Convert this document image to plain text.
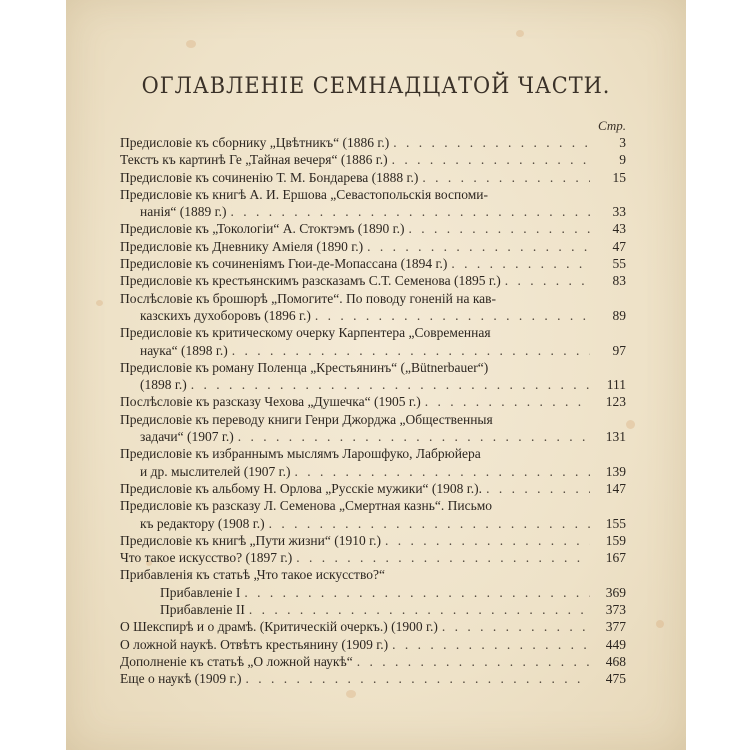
ОГЛАВЛЕНІЕ СЕМНАДЦАТОЙ ЧАСТИ.
Стр.
Предисловіе къ сборнику „Цвѣтникъ“ (1886 г.) . . .	3
Текстъ къ картинѣ Ге „Тайная вечеря“ (1886 г.) . . .	9
Предисловіе къ сочиненію Т. М. Бондарева (1888 г.) . . .	15
Предисловіе къ книгѣ А. И. Ершова „Севастопольскія воспоми-
нанія“ (1889 г.) . . .	33
Предисловіе къ „Токологіи“ А. Стоктэмъ (1890 г.) . . .	43
Предисловіе къ Дневнику Аміеля (1890 г.) . . .	47
Предисловіе къ сочиненіямъ Гюи-де-Мопассана (1894 г.) . . .	55
Предисловіе къ крестьянскимъ разсказамъ С.Т. Семенова (1895 г.) . . .	83
Послѣсловіе къ брошюрѣ „Помогите“. По поводу гоненій на кав-
казскихъ духоборовъ (1896 г.) . . .	89
Предисловіе къ критическому очерку Карпентера „Современная
наука“ (1898 г.) . . .	97
Предисловіе къ роману Поленца „Крестьянинъ“ („Bütnerbauer“)
(1898 г.) . . .	111
Послѣсловіе къ разсказу Чехова „Душечка“ (1905 г.) . . .	123
Предисловіе къ переводу книги Генри Джорджа „Общественныя
задачи“ (1907 г.) . . .	131
Предисловіе къ избраннымъ мыслямъ Ларошфуко, Лабрюйера
и др. мыслителей (1907 г.) . . .	139
Предисловіе къ альбому Н. Орлова „Русскіе мужики“ (1908 г.). . . .	147
Предисловіе къ разсказу Л. Семенова „Смертная казнь“. Письмо
къ редактору (1908 г.) . . .	155
Предисловіе къ книгѣ „Пути жизни“ (1910 г.) . . .	159
Что такое искусство? (1897 г.) . . .	167
Прибавленія къ статьѣ „Что такое искусство?“
Прибавленіе I . . .	369
Прибавленіе II . . .	373
О Шекспирѣ и о драмѣ. (Критическій очеркъ.) (1900 г.) . . .	377
О ложной наукѣ. Отвѣтъ крестьянину (1909 г.) . . .	449
Дополненіе къ статьѣ „О ложной наукѣ“ . . .	468
Еще о наукѣ (1909 г.) . . .	475
